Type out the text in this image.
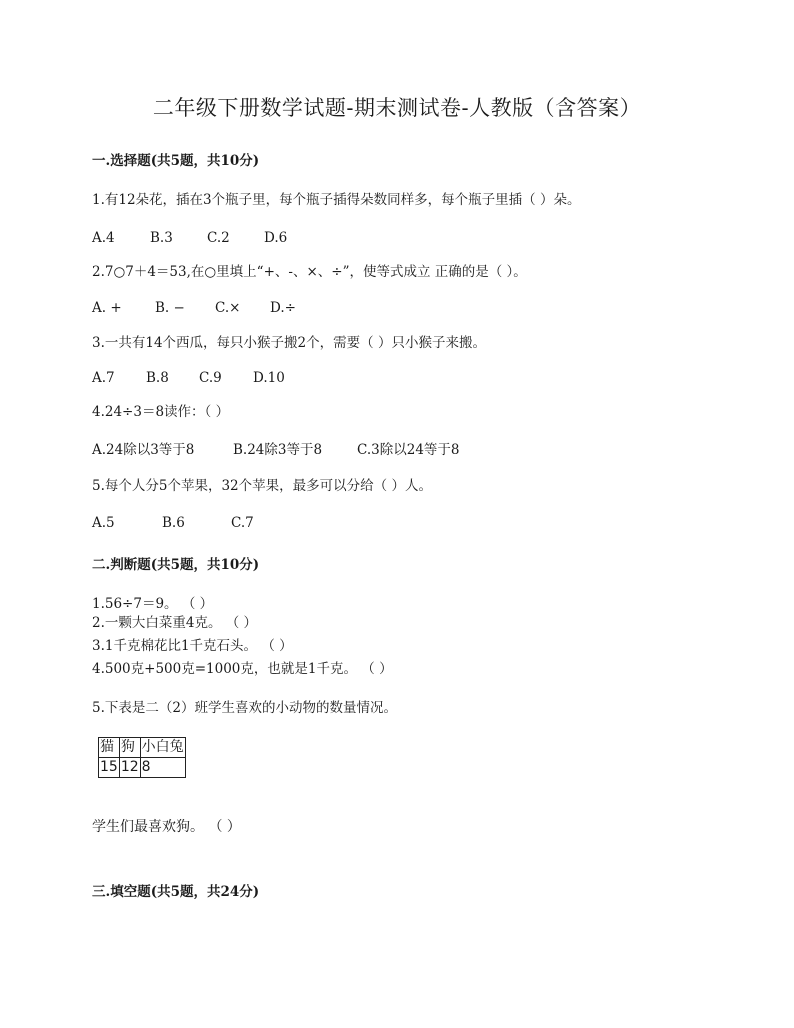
二年级下册数学试题-期末测试卷-人教版（含答案）
一.选择题(共5题，共10分)
1.有12朵花，插在3个瓶子里，每个瓶子插得朵数同样多，每个瓶子里插（ ）朵。
A.4	B.3	C.2	D.6
2.7○7＋4＝53,在○里填上“+、-、×、÷”，使等式成立 正确的是（ ）。
A. + B. − C.× D.÷
3.一共有14个西瓜，每只小猴子搬2个，需要（ ）只小猴子来搬。
A.7 B.8 C.9 D.10
4.24÷3＝8读作：（ ）
A.24除以3等于8	B.24除3等于8	C.3除以24等于8
5.每个人分5个苹果，32个苹果，最多可以分给（ ）人。
A.5	B.6	C.7
二.判断题(共5题，共10分)
1.56÷7＝9。 （ ）
2.一颗大白菜重4克。 （ ）
3.1千克棉花比1千克石头。 （ ）
4.500克+500克=1000克，也就是1千克。 （ ）
5.下表是二（2）班学生喜欢的小动物的数量情况。
猫	狗	小白兔
15	12	8
学生们最喜欢狗。 （ ）
三.填空题(共5题，共24分)
